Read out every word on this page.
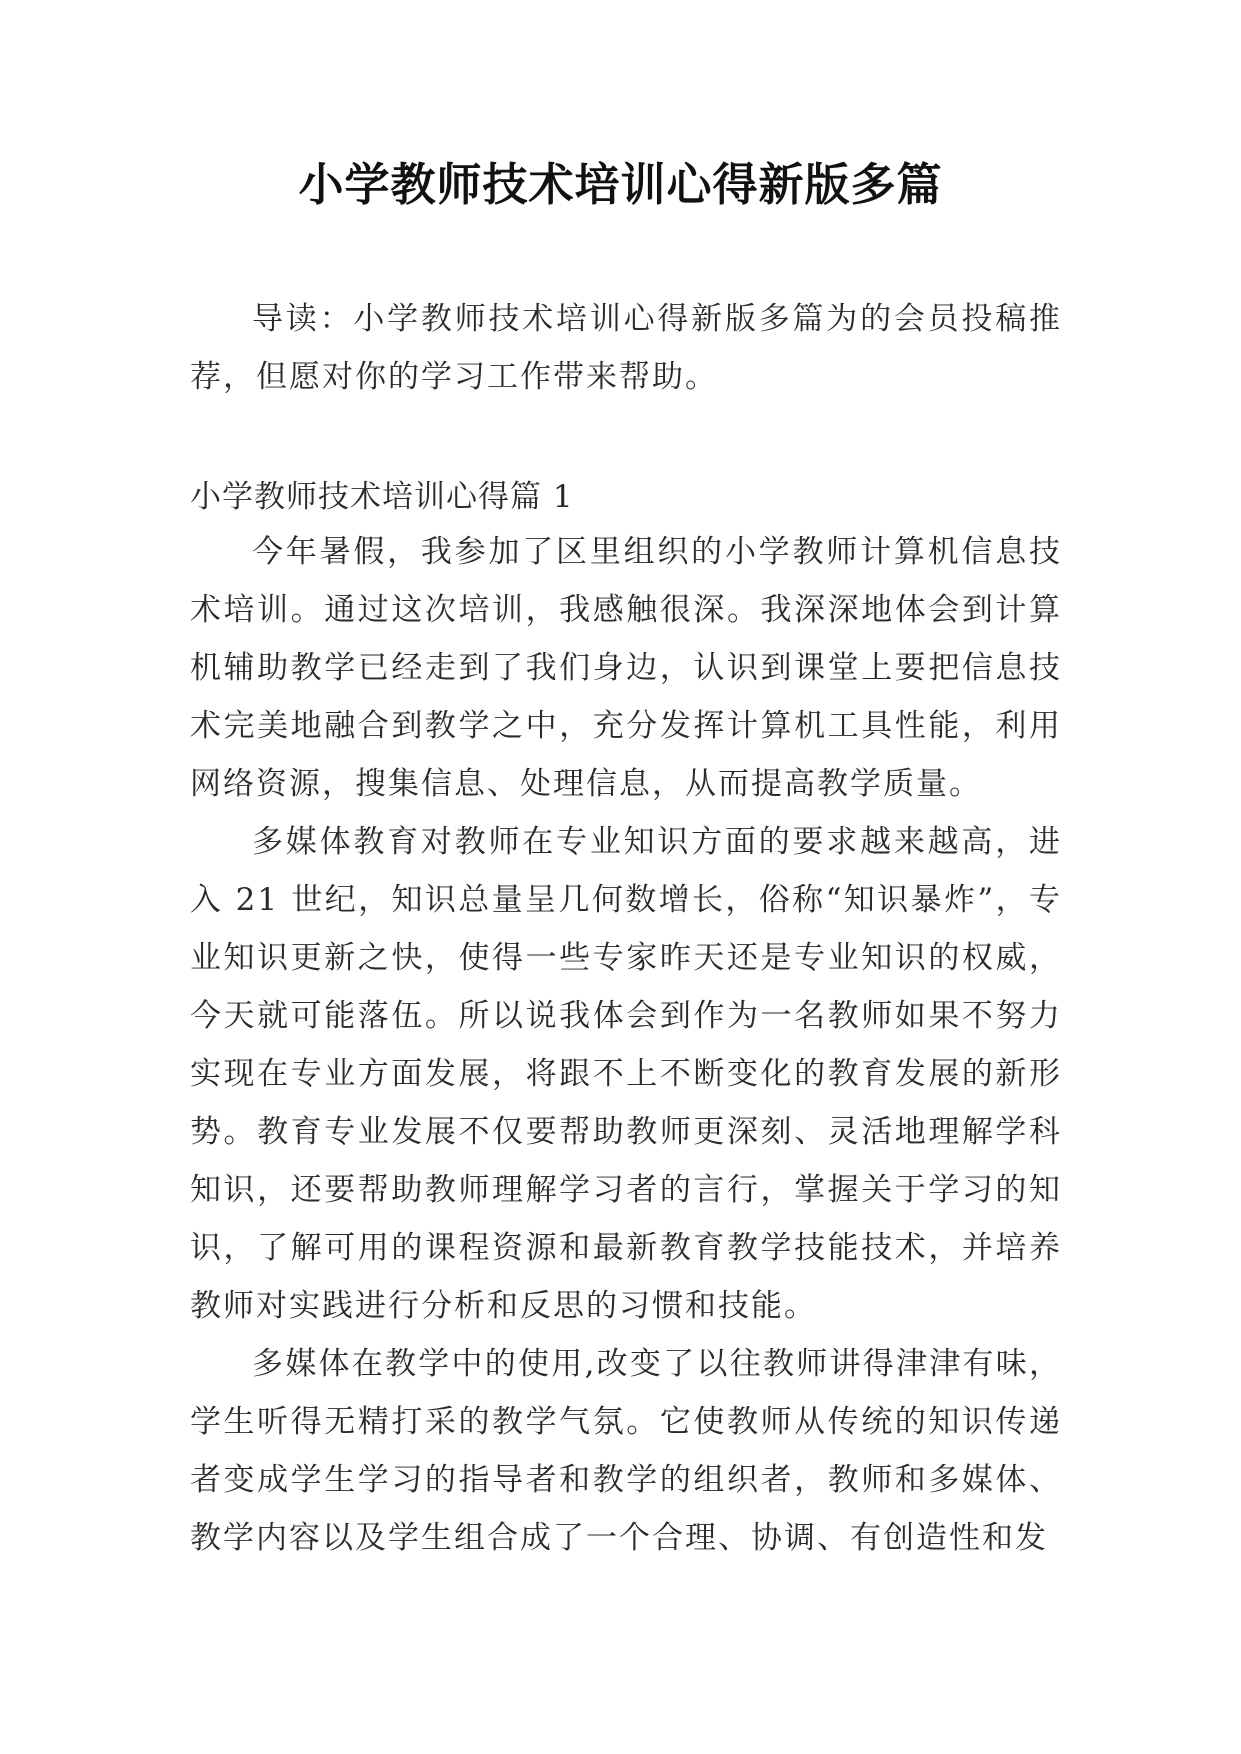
小学教师技术培训心得新版多篇

导读：小学教师技术培训心得新版多篇为的会员投稿推荐，但愿对你的学习工作带来帮助。

小学教师技术培训心得篇 1

今年暑假，我参加了区里组织的小学教师计算机信息技术培训。通过这次培训，我感触很深。我深深地体会到计算机辅助教学已经走到了我们身边，认识到课堂上要把信息技术完美地融合到教学之中，充分发挥计算机工具性能，利用网络资源，搜集信息、处理信息，从而提高教学质量。

多媒体教育对教师在专业知识方面的要求越来越高，进入 21 世纪，知识总量呈几何数增长，俗称“知识暴炸”，专业知识更新之快，使得一些专家昨天还是专业知识的权威，今天就可能落伍。所以说我体会到作为一名教师如果不努力实现在专业方面发展，将跟不上不断变化的教育发展的新形势。教育专业发展不仅要帮助教师更深刻、灵活地理解学科知识，还要帮助教师理解学习者的言行，掌握关于学习的知识，了解可用的课程资源和最新教育教学技能技术，并培养教师对实践进行分析和反思的习惯和技能。

多媒体在教学中的使用,改变了以往教师讲得津津有味，学生听得无精打采的教学气氛。它使教师从传统的知识传递者变成学生学习的指导者和教学的组织者，教师和多媒体、教学内容以及学生组合成了一个合理、协调、有创造性和发
